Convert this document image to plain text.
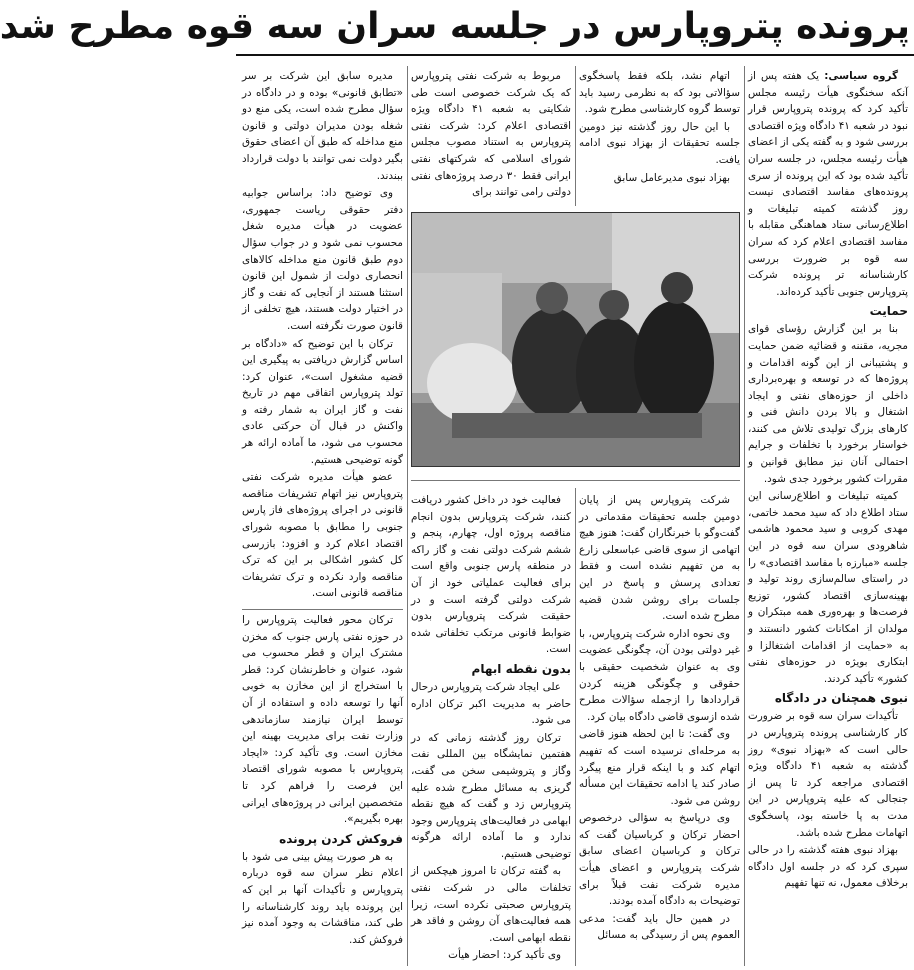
پرونده پتروپارس در جلسه سران سه قوه مطرح شد

گروه سیاسی: یک هفته پس از آنکه سخنگوی هیأت رئیسه مجلس تأکید کرد که پرونده پتروپارس قرار نبود در شعبه ۴۱ دادگاه ویژه اقتصادی بررسی شود و به گفته یکی از اعضای هیأت رئیسه مجلس، در جلسه سران تأکید شده بود که این پرونده از سری پرونده‌های مفاسد اقتصادی نیست روز گذشته کمیته تبلیغات و اطلاع‌رسانی ستاد هماهنگی مقابله با مفاسد اقتصادی اعلام کرد که سران سه قوه بر ضرورت بررسی کارشناسانه تر پرونده شرکت پتروپارس جنوبی تأکید کرده‌اند.

حمایت

بنا بر این گزارش رؤسای قوای مجریه، مقننه و قضائیه ضمن حمایت و پشتیبانی از این گونه اقدامات و پروژه‌ها که در توسعه و بهره‌برداری داخلی از حوزه‌های نفتی و ایجاد اشتغال و بالا بردن دانش فنی و کارهای بزرگ تولیدی تلاش می کنند، خواستار برخورد با تخلفات و جرایم احتمالی آنان نیز مطابق قوانین و مقررات کشور برخورد جدی شود.

کمیته تبلیغات و اطلاع‌رسانی این ستاد اطلاع داد که سید محمد خاتمی، مهدی کروبی و سید محمود هاشمی شاهرودی سران سه قوه در این جلسه «مبارزه با مفاسد اقتصادی» را در راستای سالم‌سازی روند تولید و بهینه‌سازی اقتصاد کشور، توزیع فرصت‌ها و بهره‌وری همه مبتکران و مولدان از امکانات کشور دانستند و به «حمایت از اقدامات اشتغالزا و ابتکاری بویژه در حوزه‌های نفتی کشور» تأکید کردند.

نبوی همچنان در دادگاه

تأکیدات سران سه قوه بر ضرورت کار کارشناسی پرونده پتروپارس در حالی است که «بهزاد نبوی» روز گذشته به شعبه ۴۱ دادگاه ویژه اقتصادی مراجعه کرد تا پس از جنجالی که علیه پتروپارس در این مدت به پا خاسته بود، پاسخگوی اتهامات مطرح شده باشد.

بهزاد نبوی هفته گذشته را در حالی سپری کرد که در جلسه اول دادگاه برخلاف معمول، نه تنها تفهیم

اتهام نشد، بلکه فقط پاسخگوی سؤالاتی بود که به نظرمی رسید باید توسط گروه کارشناسی مطرح شود.

با این حال روز گذشته نیز دومین جلسه تحقیقات از بهزاد نبوی ادامه یافت.

بهزاد نبوی مدیرعامل سابق

مربوط به شرکت نفتی پتروپارس که یک شرکت خصوصی است طی شکایتی به شعبه ۴۱ دادگاه ویژه اقتصادی اعلام کرد: شرکت نفتی پتروپارس به استناد مصوب مجلس شورای اسلامی که شرکتهای نفتی ایرانی فقط ۳۰ درصد پروژه‌های نفتی دولتی رامی توانند برای

مدیره سابق این شرکت بر سر «تطابق قانونی» بوده و در دادگاه در سؤال مطرح شده است، یکی منع دو شغله بودن مدیران دولتی و قانون منع مداخله که طبق آن اعضای حقوق بگیر دولت نمی توانند با دولت قرارداد ببندند.

وی توضیح داد: براساس جوابیه دفتر حقوقی ریاست جمهوری، عضویت در هیأت مدیره شغل محسوب نمی شود و در جواب سؤال دوم طبق قانون منع مداخله کالاهای انحصاری دولت از شمول این قانون استثنا هستند از آنجایی که نفت و گاز در اختیار دولت هستند، هیچ تخلفی از قانون صورت نگرفته است.

ترکان با این توضیح که «دادگاه بر اساس گزارش دریافتی به پیگیری این قضیه مشغول است»، عنوان کرد: تولد پتروپارس اتفاقی مهم در تاریخ نفت و گاز ایران به شمار رفته و واکنش در قبال آن حرکتی عادی محسوب می شود، ما آماده ارائه هر گونه توضیحی هستیم.

عضو هیأت مدیره شرکت نفتی پتروپارس نیز اتهام تشریفات مناقصه قانونی در اجرای پروژه‌های فاز پارس جنوبی را مطابق با مصوبه شورای اقتصاد اعلام کرد و افزود: بازرسی کل کشور اشکالی بر این که ترک مناقصه وارد نکرده و ترک تشریفات مناقصه قانونی است.

ترکان محور فعالیت پتروپارس را در حوزه نفتی پارس جنوب که مخزن مشترک ایران و قطر محسوب می شود، عنوان و خاطرنشان کرد: قطر با استخراج از این مخازن به خوبی آنها را توسعه داده و استفاده از آن توسط ایران نیازمند سازماندهی وزارت نفت برای مدیریت بهینه این مخازن است. وی تأکید کرد: «ایجاد پتروپارس با مصوبه شورای اقتصاد این فرصت را فراهم کرد تا متخصصین ایرانی در پروژه‌های ایرانی بهره بگیریم».

فروکش کردن پرونده

به هر صورت پیش بینی می شود با اعلام نظر سران سه قوه درباره پتروپارس و تأکیدات آنها بر این که این پرونده باید روند کارشناسانه را طی کند، مناقشات به وجود آمده نیز فروکش کند.

شرکت پتروپارس پس از پایان دومین جلسه تحقیقات مقدماتی در گفت‌وگو با خبرنگاران گفت: هنوز هیچ اتهامی از سوی قاضی عباسعلی زارع به من تفهیم نشده است و فقط تعدادی پرسش و پاسخ در این جلسات برای روشن شدن قضیه مطرح شده است.

وی نحوه اداره شرکت پتروپارس، با غیر دولتی بودن آن، چگونگی عضویت وی به عنوان شخصیت حقیقی با حقوقی و چگونگی هزینه کردن قراردادها را ازجمله سؤالات مطرح شده ازسوی قاضی دادگاه بیان کرد.

وی گفت: تا این لحظه هنوز قاضی به مرحله‌ای نرسیده است که تفهیم اتهام کند و با اینکه قرار منع پیگرد صادر کند یا ادامه تحقیقات این مسأله روشن می شود.

وی درپاسخ به سؤالی درخصوص احضار ترکان و کرباسیان گفت که ترکان و کرباسیان اعضای سابق شرکت پتروپارس و اعضای هیأت مدیره شرکت نفت قبلاً برای توضیحات به دادگاه آمده بودند.

در همین حال باید گفت: مدعی العموم پس از رسیدگی به مسائل

فعالیت خود در داخل کشور دریافت کنند، شرکت پتروپارس بدون انجام مناقصه پروژه اول، چهارم، پنجم و ششم شرکت دولتی نفت و گاز راکه در منطقه پارس جنوبی واقع است برای فعالیت عملیاتی خود از آن شرکت دولتی گرفته است و در حقیقت شرکت پتروپارس بدون ضوابط قانونی مرتکب تخلفاتی شده است.

بدون نقطه ابهام

علی ایجاد شرکت پتروپارس درحال حاضر به مدیریت اکبر ترکان اداره می شود.

ترکان روز گذشته زمانی که در هفتمین نمایشگاه بین المللی نفت وگاز و پتروشیمی سخن می گفت، گریزی به مسائل مطرح شده علیه پتروپارس زد و گفت که هیچ نقطه ابهامی در فعالیت‌های پتروپارس وجود ندارد و ما آماده ارائه هرگونه توضیحی هستیم.

به گفته ترکان تا امروز هیچکس از تخلفات مالی در شرکت نفتی پتروپارس صحبتی نکرده است، زیرا همه فعالیت‌های آن روشن و فاقد هر نقطه ابهامی است.

وی تأکید کرد: احضار هیأت
